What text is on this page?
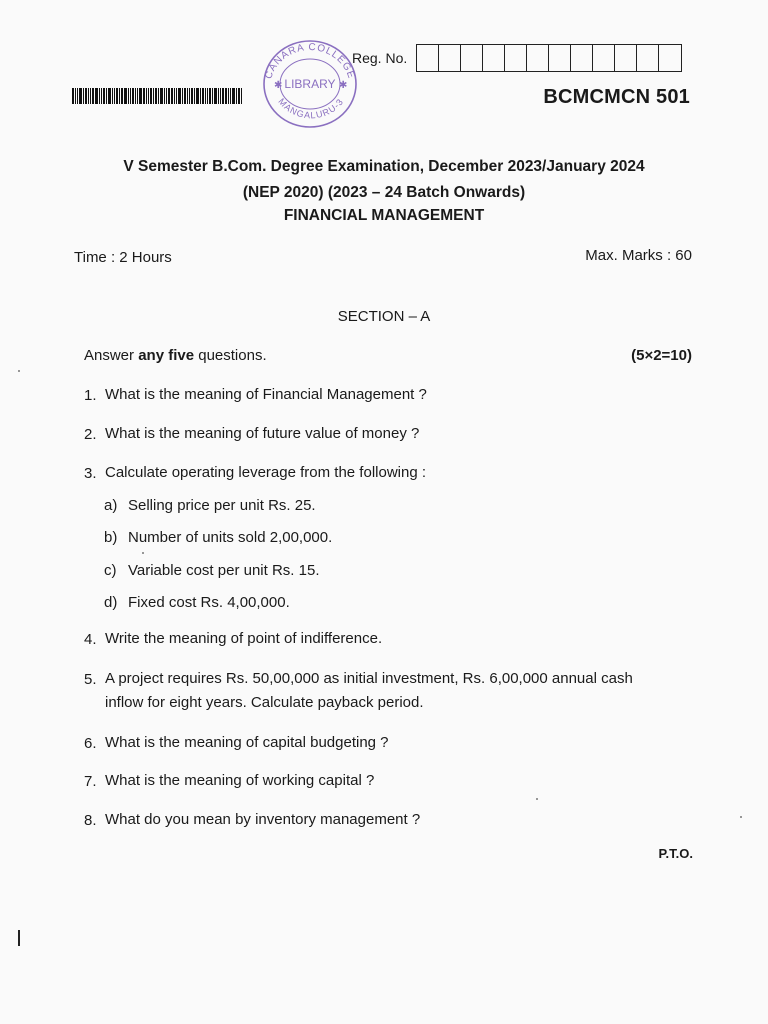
CANARA COLLEGE
LIBRARY
MANGALURU-3
✱	✱
Reg. No.
BCMCMCN 501
V Semester B.Com. Degree Examination, December 2023/January 2024
(NEP 2020) (2023 – 24 Batch Onwards)
FINANCIAL MANAGEMENT
Time : 2 Hours	Max. Marks : 60
SECTION – A
Answer any five questions.	(5×2=10)
1. What is the meaning of Financial Management ?
2. What is the meaning of future value of money ?
3. Calculate operating leverage from the following :
a) Selling price per unit Rs. 25.
b) Number of units sold 2,00,000.
c) Variable cost per unit Rs. 15.
d) Fixed cost Rs. 4,00,000.
4. Write the meaning of point of indifference.
5. A project requires Rs. 50,00,000 as initial investment, Rs. 6,00,000 annual cash inflow for eight years. Calculate payback period.
6. What is the meaning of capital budgeting ?
7. What is the meaning of working capital ?
8. What do you mean by inventory management ?
P.T.O.
